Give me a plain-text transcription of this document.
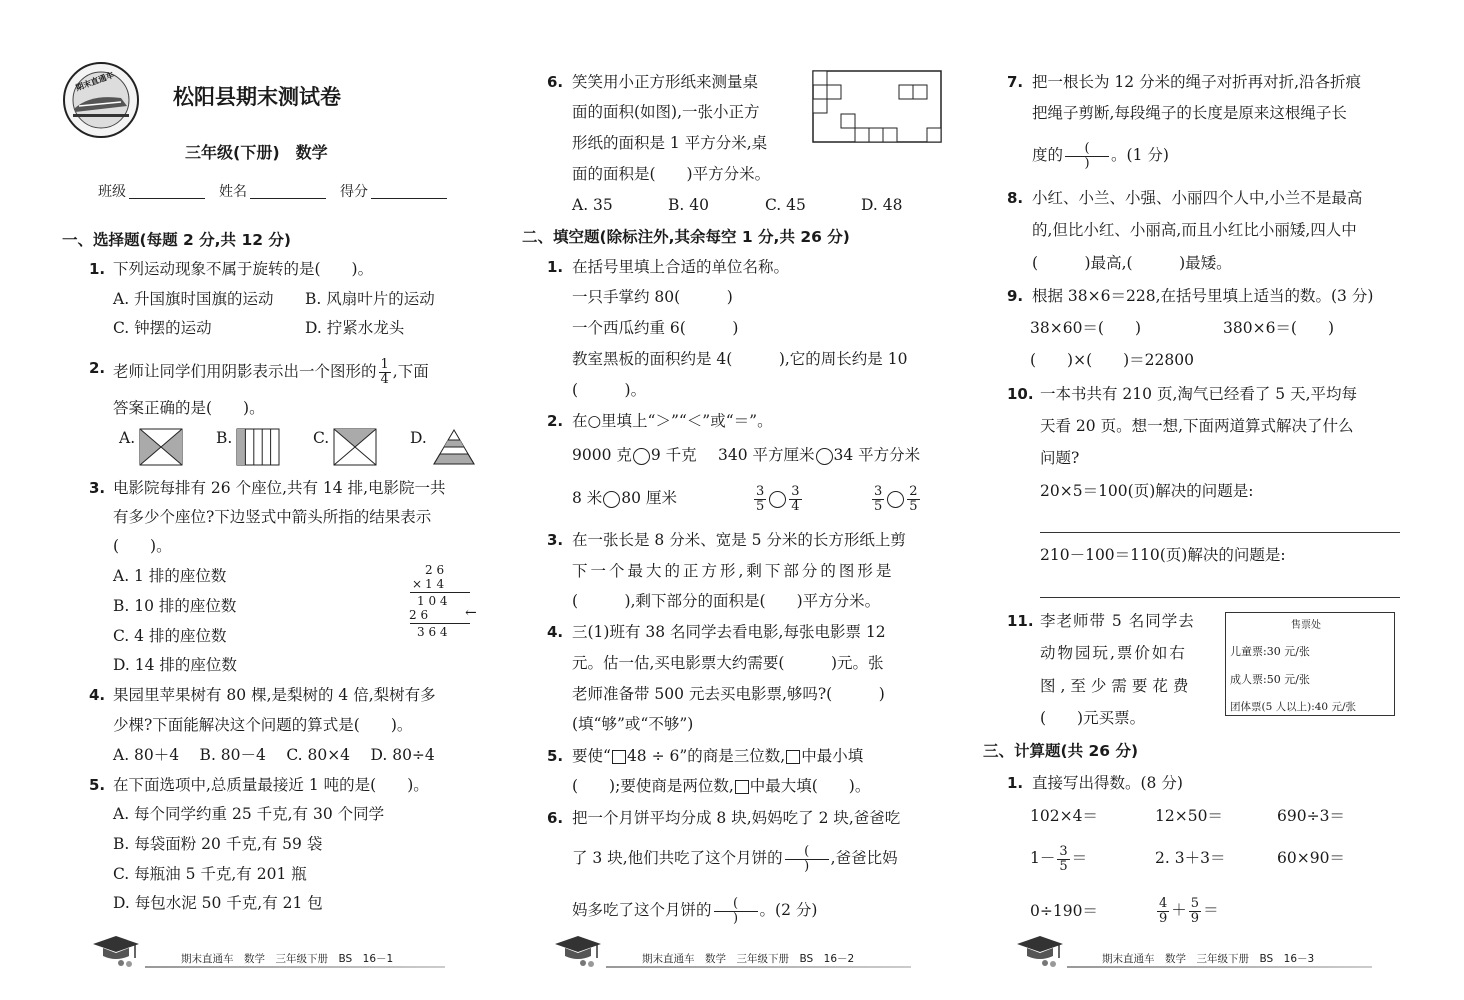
期末直通车
松阳县期末测试卷
三年级(下册)　数学
班级	姓名	得分
一、选择题(每题 2 分,共 12 分)
1. 下列运动现象不属于旋转的是(　　)。
A. 升国旗时国旗的运动 B. 风扇叶片的运动
C. 钟摆的运动	D. 拧紧水龙头
2. 老师让同学们用阴影表示出一个图形的 $\frac{1}{4}$ ,下面
答案正确的是(　　)。
A.	B.	C.	D.
3. 电影院每排有 26 个座位,共有 14 排,电影院一共
有多少个座位?下边竖式中箭头所指的结果表示
(　　)。
A. 1 排的座位数
B. 10 排的座位数
C. 4 排的座位数
D. 14 排的座位数
2 6
× 1 4
1 0 4
2 6	←
3 6 4
4. 果园里苹果树有 80 棵,是梨树的 4 倍,梨树有多
少棵?下面能解决这个问题的算式是(　　)。
A. 80＋4　 B. 80－4　 C. 80×4　 D. 80÷4
5. 在下面选项中,总质量最接近 1 吨的是(　　)。
A. 每个同学约重 25 千克,有 30 个同学
B. 每袋面粉 20 千克,有 59 袋
C. 每瓶油 5 千克,有 201 瓶
D. 每包水泥 50 千克,有 21 包
期末直通车　数学　三年级下册　BS　16－1
6. 笑笑用小正方形纸来测量桌
面的面积(如图),一张小正方
形纸的面积是 1 平方分米,桌
面的面积是(　　)平方分米。
A. 35	B. 40	C. 45	D. 48
二、填空题(除标注外,其余每空 1 分,共 26 分)
1. 在括号里填上合适的单位名称。
一只手掌约 80(　　　)
一个西瓜约重 6(　　　)
教室黑板的面积约是 4(　　　),它的周长约是 10
(　　　)。
2. 在○里填上“＞”“＜”或“＝”。
9000 克 9 千克 340 平方厘米 34 平方分米
8 米 80 厘米	$\frac{3}{5} \frac{3}{4}$	$\frac{3}{5} \frac{2}{5}$
3. 在一张长是 8 分米、宽是 5 分米的长方形纸上剪
下一个最大的正方形,剩下部分的图形是
(　　　),剩下部分的面积是(　　)平方分米。
4. 三(1)班有 38 名同学去看电影,每张电影票 12
元。估一估,买电影票大约需要(　　　)元。张
老师准备带 500 元去买电影票,够吗?(　　　)
(填“够”或“不够”)
5. 要使“ 48 ÷ 6”的商是三位数, 中最小填
(　　);要使商是两位数, 中最大填(　　)。
6. 把一个月饼平均分成 8 块,妈妈吃了 2 块,爸爸吃
了 3 块,他们共吃了这个月饼的 $\frac{(}{)}$ ,爸爸比妈
妈多吃了这个月饼的 $\frac{(}{)}$ 。(2 分)
期末直通车　数学　三年级下册　BS　16－2
7. 把一根长为 12 分米的绳子对折再对折,沿各折痕
把绳子剪断,每段绳子的长度是原来这根绳子长
度的 $\frac{(}{)}$ 。(1 分)
8. 小红、小兰、小强、小丽四个人中,小兰不是最高
的,但比小红、小丽高,而且小红比小丽矮,四人中
(　　　)最高,(　　　)最矮。
9. 根据 38×6＝228,在括号里填上适当的数。(3 分)
38×60＝(　　)	380×6＝(　　)
(　　)×(　　)＝22800
10. 一本书共有 210 页,淘气已经看了 5 天,平均每
天看 20 页。想一想,下面两道算式解决了什么
问题?
20×5＝100(页)解决的问题是:
210－100＝110(页)解决的问题是:
11. 李老师带 5 名同学去
动物园玩,票价如右
图,至少需要花费
(　　)元买票。
售票处
儿童票:30 元/张
成人票:50 元/张
团体票(5 人以上):40 元/张
三、计算题(共 26 分)
1. 直接写出得数。(8 分)
102×4＝	12×50＝	690÷3＝
$1- \frac{3}{5}$ ＝	2. 3＋3＝	60×90＝
0÷190＝	$\frac{4}{9} + \frac{5}{9}$ ＝
期末直通车　数学　三年级下册　BS　16－3
